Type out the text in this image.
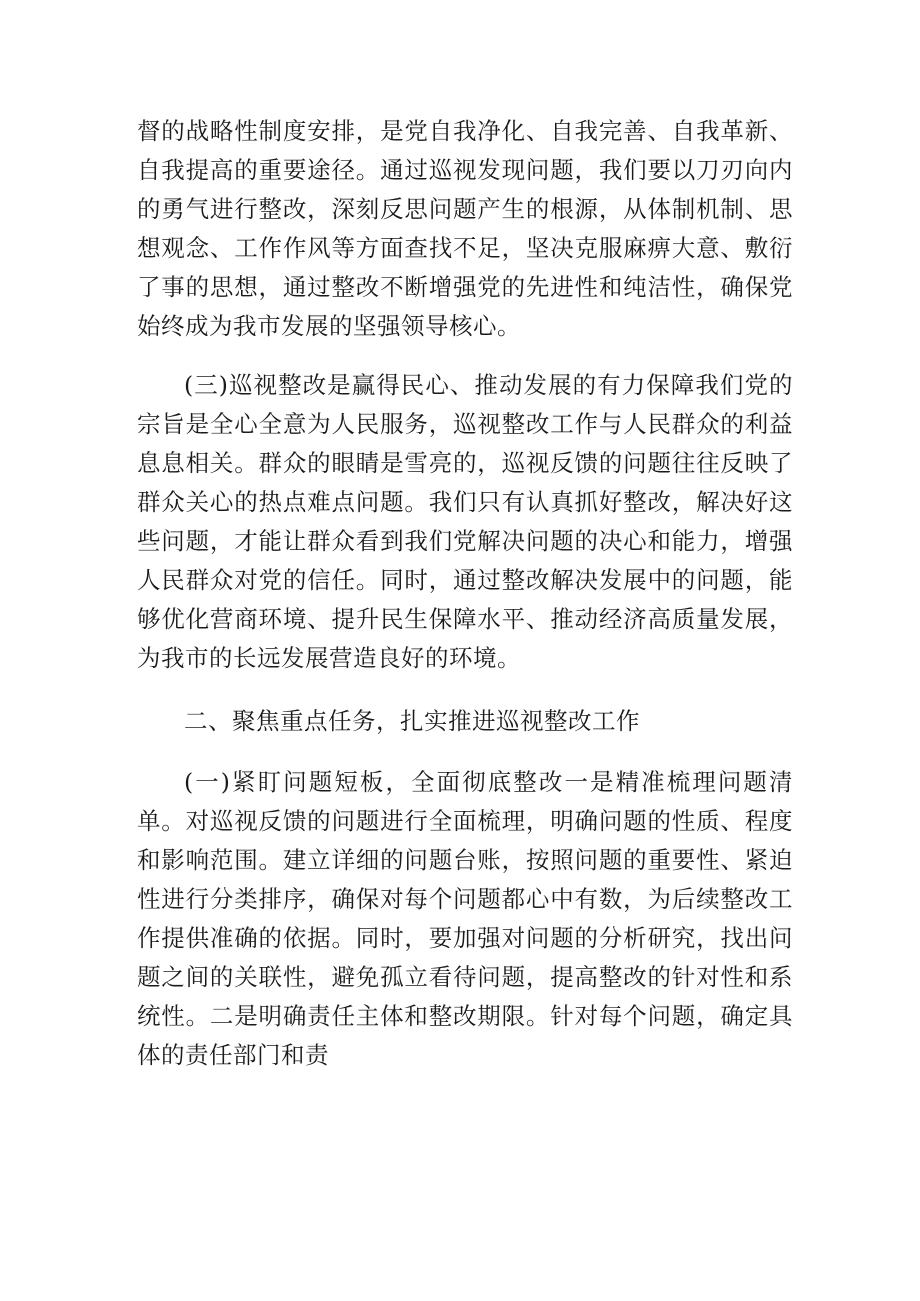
督的战略性制度安排，是党自我净化、自我完善、自我革新、自我提高的重要途径。通过巡视发现问题，我们要以刀刃向内的勇气进行整改，深刻反思问题产生的根源，从体制机制、思想观念、工作作风等方面查找不足，坚决克服麻痹大意、敷衍了事的思想，通过整改不断增强党的先进性和纯洁性，确保党始终成为我市发展的坚强领导核心。

(三)巡视整改是赢得民心、推动发展的有力保障我们党的宗旨是全心全意为人民服务，巡视整改工作与人民群众的利益息息相关。群众的眼睛是雪亮的，巡视反馈的问题往往反映了群众关心的热点难点问题。我们只有认真抓好整改，解决好这些问题，才能让群众看到我们党解决问题的决心和能力，增强人民群众对党的信任。同时，通过整改解决发展中的问题，能够优化营商环境、提升民生保障水平、推动经济高质量发展，为我市的长远发展营造良好的环境。

二、聚焦重点任务，扎实推进巡视整改工作

(一)紧盯问题短板，全面彻底整改一是精准梳理问题清单。对巡视反馈的问题进行全面梳理，明确问题的性质、程度和影响范围。建立详细的问题台账，按照问题的重要性、紧迫性进行分类排序，确保对每个问题都心中有数，为后续整改工作提供准确的依据。同时，要加强对问题的分析研究，找出问题之间的关联性，避免孤立看待问题，提高整改的针对性和系统性。二是明确责任主体和整改期限。针对每个问题，确定具体的责任部门和责
